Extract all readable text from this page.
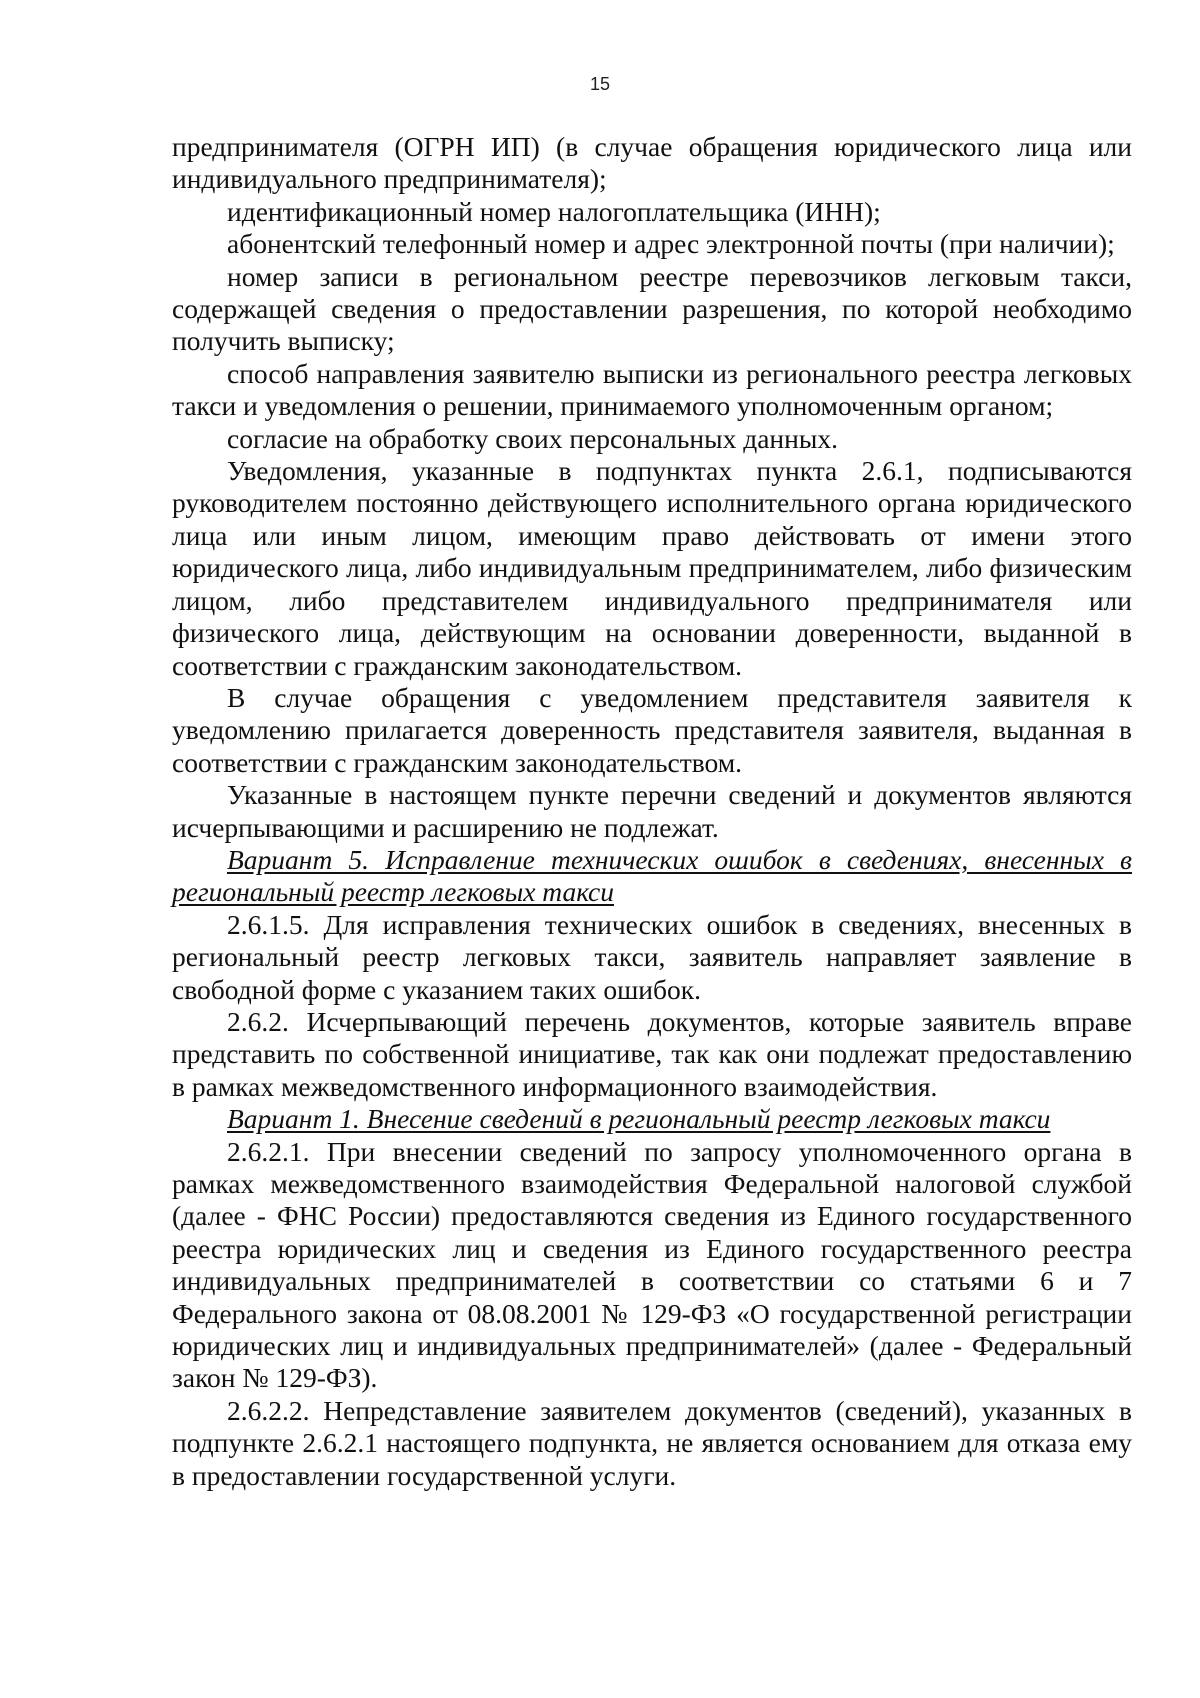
15

предпринимателя (ОГРН ИП) (в случае обращения юридического лица или индивидуального предпринимателя);

идентификационный номер налогоплательщика (ИНН);

абонентский телефонный номер и адрес электронной почты (при наличии);

номер записи в региональном реестре перевозчиков легковым такси, содержащей сведения о предоставлении разрешения, по которой необходимо получить выписку;

способ направления заявителю выписки из регионального реестра легковых такси и уведомления о решении, принимаемого уполномоченным органом;

согласие на обработку своих персональных данных.

Уведомления, указанные в подпунктах пункта 2.6.1, подписываются руководителем постоянно действующего исполнительного органа юридического лица или иным лицом, имеющим право действовать от имени этого юридического лица, либо индивидуальным предпринимателем, либо физическим лицом, либо представителем индивидуального предпринимателя или физического лица, действующим на основании доверенности, выданной в соответствии с гражданским законодательством.

В случае обращения с уведомлением представителя заявителя к уведомлению прилагается доверенность представителя заявителя, выданная в соответствии с гражданским законодательством.

Указанные в настоящем пункте перечни сведений и документов являются исчерпывающими и расширению не подлежат.

Вариант 5. Исправление технических ошибок в сведениях, внесенных в региональный реестр легковых такси

2.6.1.5. Для исправления технических ошибок в сведениях, внесенных в региональный реестр легковых такси, заявитель направляет заявление в свободной форме с указанием таких ошибок.

2.6.2. Исчерпывающий перечень документов, которые заявитель вправе представить по собственной инициативе, так как они подлежат предоставлению в рамках межведомственного информационного взаимодействия.

Вариант 1. Внесение сведений в региональный реестр легковых такси

2.6.2.1. При внесении сведений по запросу уполномоченного органа в рамках межведомственного взаимодействия Федеральной налоговой службой (далее - ФНС России) предоставляются сведения из Единого государственного реестра юридических лиц и сведения из Единого государственного реестра индивидуальных предпринимателей в соответствии со статьями 6 и 7 Федерального закона от 08.08.2001 № 129-ФЗ «О государственной регистрации юридических лиц и индивидуальных предпринимателей» (далее - Федеральный закон № 129-ФЗ).

2.6.2.2. Непредставление заявителем документов (сведений), указанных в подпункте 2.6.2.1 настоящего подпункта, не является основанием для отказа ему в предоставлении государственной услуги.
